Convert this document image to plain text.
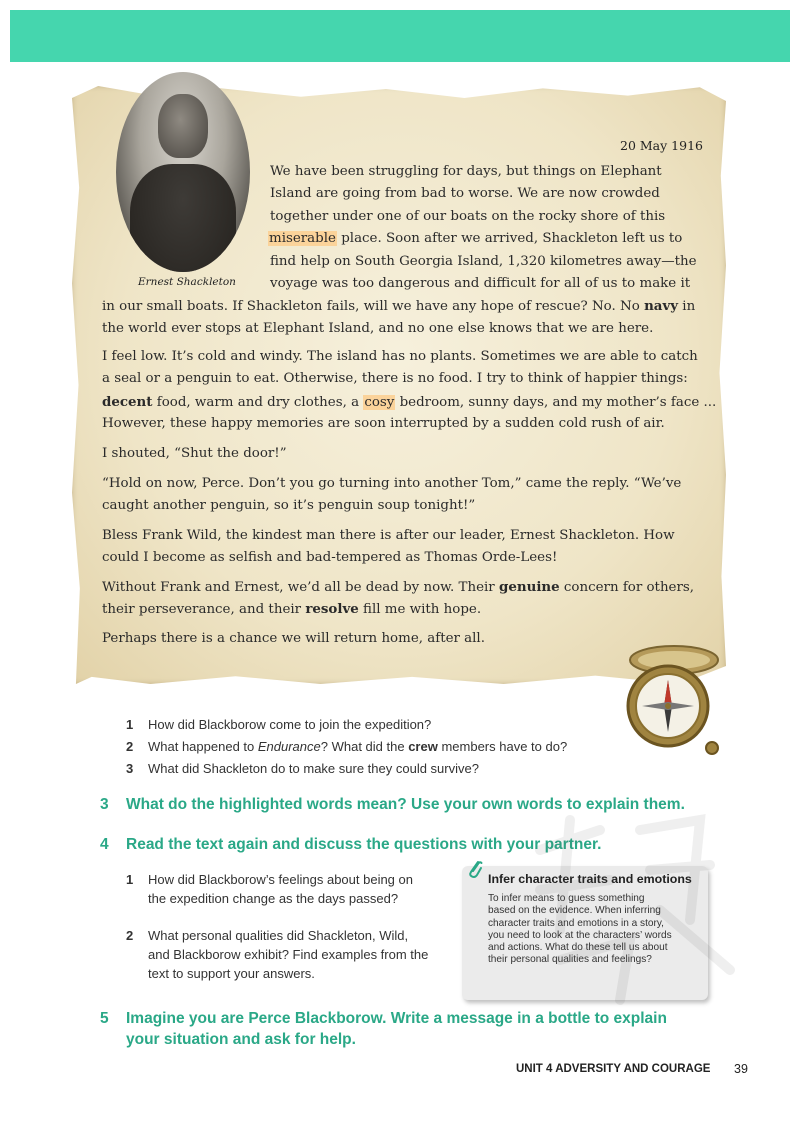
Ernest Shackleton
20 May 1916
We have been struggling for days, but things on Elephant
Island are going from bad to worse. We are now crowded
together under one of our boats on the rocky shore of this
miserable place. Soon after we arrived, Shackleton left us to
find help on South Georgia Island, 1,320 kilometres away—the
voyage was too dangerous and difficult for all of us to make it
in our small boats. If Shackleton fails, will we have any hope of rescue? No. No navy in
the world ever stops at Elephant Island, and no one else knows that we are here.
I feel low. It’s cold and windy. The island has no plants. Sometimes we are able to catch
a seal or a penguin to eat. Otherwise, there is no food. I try to think of happier things:
decent food, warm and dry clothes, a cosy bedroom, sunny days, and my mother’s face ...
However, these happy memories are soon interrupted by a sudden cold rush of air.
I shouted, “Shut the door!”
“Hold on now, Perce. Don’t you go turning into another Tom,” came the reply. “We’ve
caught another penguin, so it’s penguin soup tonight!”
Bless Frank Wild, the kindest man there is after our leader, Ernest Shackleton. How
could I become as selfish and bad-tempered as Thomas Orde-Lees!
Without Frank and Ernest, we’d all be dead by now. Their genuine concern for others,
their perseverance, and their resolve fill me with hope.
Perhaps there is a chance we will return home, after all.
1 How did Blackborow come to join the expedition?
2 What happened to Endurance? What did the crew members have to do?
3 What did Shackleton do to make sure they could survive?
3 What do the highlighted words mean? Use your own words to explain them.
4 Read the text again and discuss the questions with your partner.
1 How did Blackborow’s feelings about being on
the expedition change as the days passed?
2 What personal qualities did Shackleton, Wild,
and Blackborow exhibit? Find examples from the
text to support your answers.
Infer character traits and emotions
To infer means to guess something
based on the evidence. When inferring
character traits and emotions in a story,
you need to look at the characters’ words
and actions. What do these tell us about
their personal qualities and feelings?
5 Imagine you are Perce Blackborow. Write a message in a bottle to explain
your situation and ask for help.
UNIT 4 ADVERSITY AND COURAGE 39
